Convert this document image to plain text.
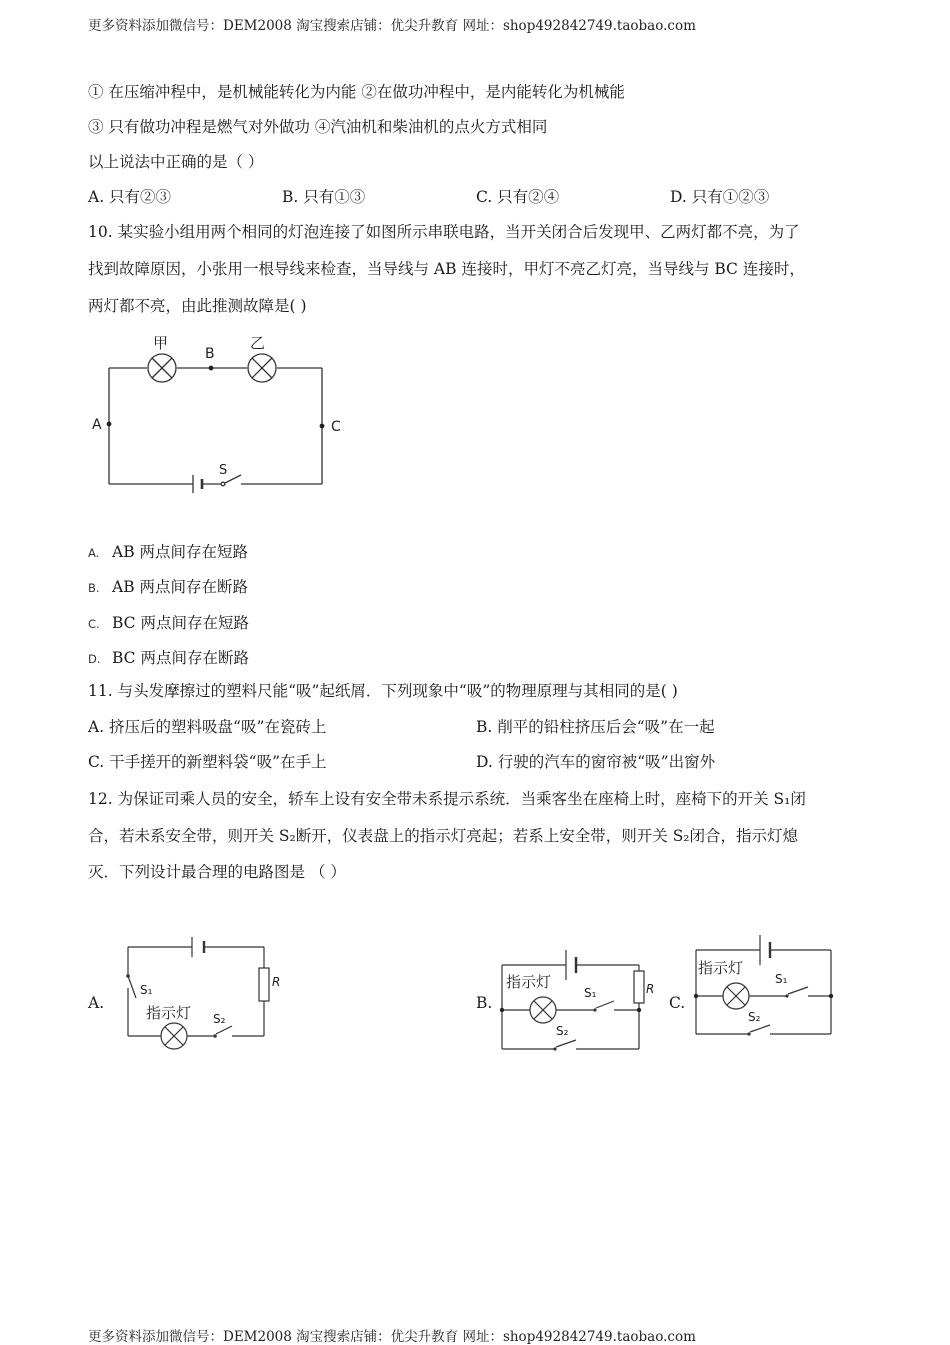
更多资料添加微信号：DEM2008 淘宝搜索店铺：优尖升教育 网址：shop492842749.taobao.com
① 在压缩冲程中，是机械能转化为内能 ②在做功冲程中，是内能转化为机械能
③ 只有做功冲程是燃气对外做功 ④汽油机和柴油机的点火方式相同
以上说法中正确的是（ ）
A. 只有②③	B. 只有①③	C. 只有②④	D. 只有①②③
10. 某实验小组用两个相同的灯泡连接了如图所示串联电路，当开关闭合后发现甲、乙两灯都不亮，为了
找到故障原因，小张用一根导线来检查，当导线与 AB 连接时，甲灯不亮乙灯亮，当导线与 BC 连接时，
两灯都不亮，由此推测故障是( )
甲	乙
B
A	C
S
A. AB 两点间存在短路
B. AB 两点间存在断路
C. BC 两点间存在短路
D. BC 两点间存在断路
11. 与头发摩擦过的塑料尺能“吸”起纸屑．下列现象中“吸”的物理原理与其相同的是( )
A. 挤压后的塑料吸盘“吸”在瓷砖上	B. 削平的铅柱挤压后会“吸”在一起
C. 干手搓开的新塑料袋“吸”在手上	D. 行驶的汽车的窗帘被“吸”出窗外
12. 为保证司乘人员的安全，轿车上设有安全带未系提示系统．当乘客坐在座椅上时，座椅下的开关 S₁闭
合，若未系安全带，则开关 S₂断开，仪表盘上的指示灯亮起；若系上安全带，则开关 S₂闭合，指示灯熄
灭．下列设计最合理的电路图是 （ ）
A.
S₁
S₂
R
指示灯
B.
指示灯
S₁
S₂
R
C.
指示灯
S₁
S₂
更多资料添加微信号：DEM2008 淘宝搜索店铺：优尖升教育 网址：shop492842749.taobao.com
